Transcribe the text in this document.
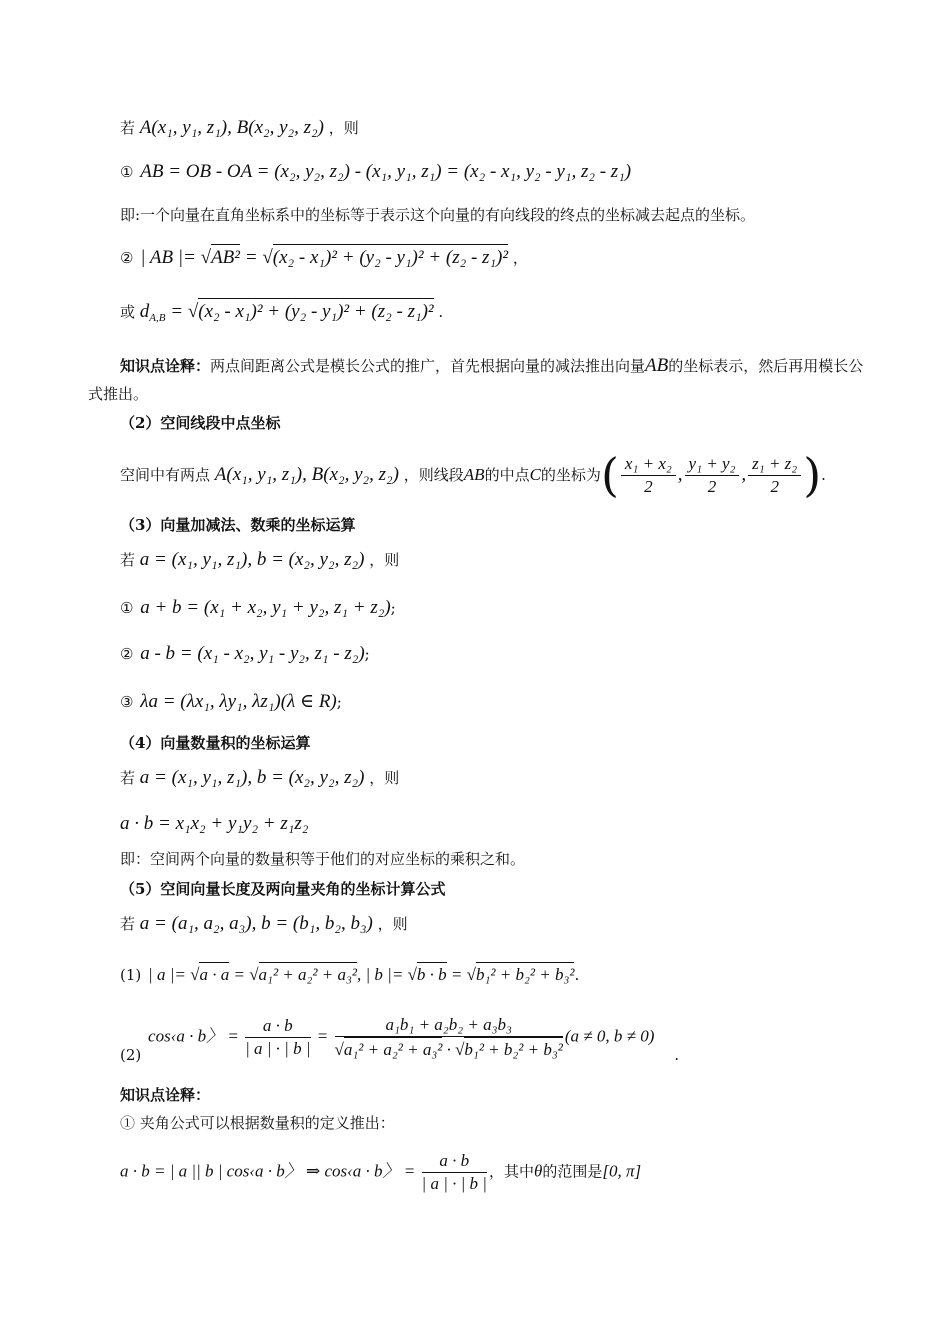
若 A(x₁, y₁, z₁), B(x₂, y₂, z₂) ，则
① AB = OB - OA = (x₂, y₂, z₂) - (x₁, y₁, z₁) = (x₂ - x₁, y₂ - y₁, z₂ - z₁)
即:一个向量在直角坐标系中的坐标等于表示这个向量的有向线段的终点的坐标减去起点的坐标。
② | AB |= √AB² = √(x₂ - x₁)² + (y₂ - y₁)² + (z₂ - z₁)² ，
或 $d_{A,B} = √(x_2 - x_1)^2 + (y_2 - y_1)^2 + (z_2 - z_1)^2$ .
知识点诠释：两点间距离公式是模长公式的推广，首先根据向量的减法推出向量AB的坐标表示，然后再用模长公式推出。
（2）空间线段中点坐标
空间中有两点 A(x₁, y₁, z₁), B(x₂, y₂, z₂) ，则线段AB的中点C的坐标为( $\frac{\text{x₁ + x₂}}{2}$ , $\frac{\text{y₁ + y₂}}{2}$ , $\frac{\text{z₁ + z₂}}{2}$ ).
（3）向量加减法、数乘的坐标运算
若 a = (x₁, y₁, z₁), b = (x₂, y₂, z₂) ，则
① a + b = (x₁ + x₂, y₁ + y₂, z₁ + z₂);
② a - b = (x₁ - x₂, y₁ - y₂, z₁ - z₂);
③ λa = (λx₁, λy₁, λz₁)(λ ∈ R);
（4）向量数量积的坐标运算
若 a = (x₁, y₁, z₁), b = (x₂, y₂, z₂) ，则
a · b = x₁x₂ + y₁y₂ + z₁z₂
即：空间两个向量的数量积等于他们的对应坐标的乘积之和。
（5）空间向量长度及两向量夹角的坐标计算公式
若 a = (a₁, a₂, a₃), b = (b₁, b₂, b₃) ，则
(1) | a |= √a · a = √a₁² + a₂² + a₃², | b |= √b · b = √b₁² + b₂² + b₃².
(2) cos‹a · b〉 = $\frac{a \cdot b}{| a | \cdot | b |} = \frac{\text{a₁b₁ + a₂b₂ + a₃b₃}}{\text{√a₁² + a₂² + a₃² · √b₁² + b₂² + b₃²}} (a \ne 0$, b ≠ 0).
知识点诠释：
① 夹角公式可以根据数量积的定义推出：
a · b = | a || b | cos‹a · b〉 ⇒ cos‹a · b〉 = $\frac{a \cdot b}{| a | \cdot | b |}$ ，其中θ的范围是[0, π]
